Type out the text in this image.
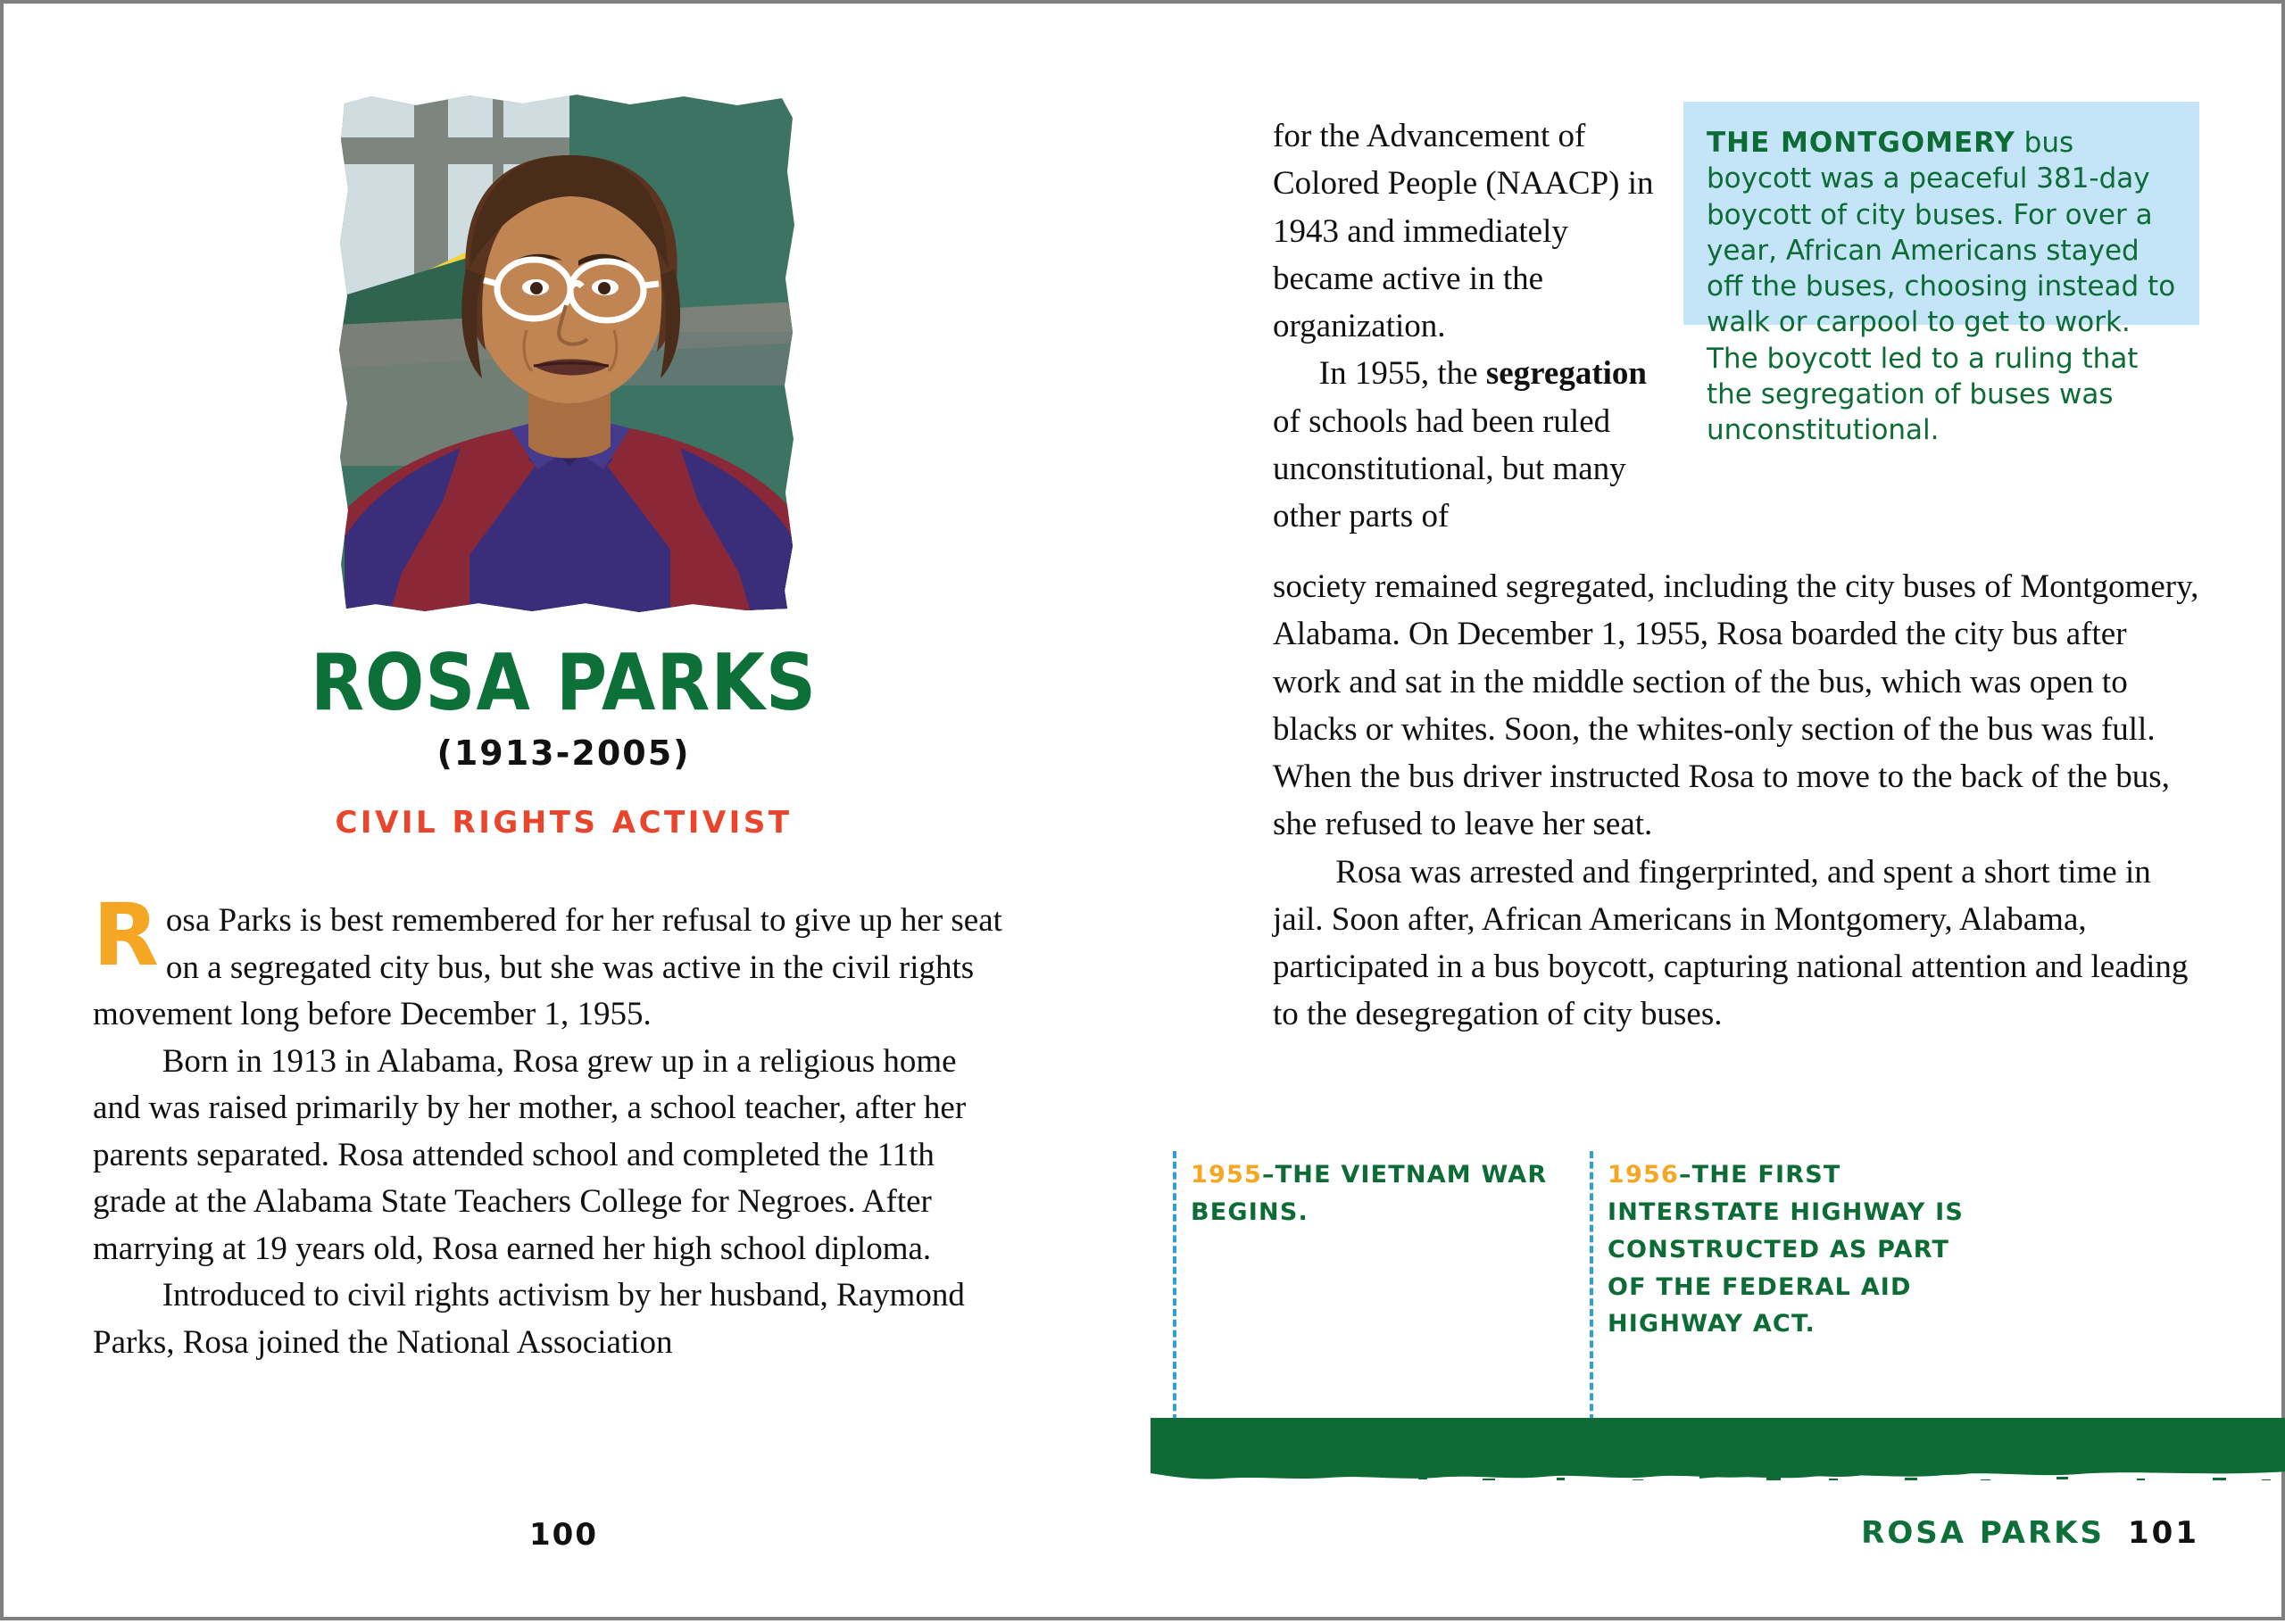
ROSA PARKS
(1913-2005)
CIVIL RIGHTS ACTIVIST

Rosa Parks is best remembered for her refusal to give up her seat on a segregated city bus, but she was active in the civil rights movement long before December 1, 1955.

Born in 1913 in Alabama, Rosa grew up in a religious home and was raised primarily by her mother, a school teacher, after her parents separated. Rosa attended school and completed the 11th grade at the Alabama State Teachers College for Negroes. After marrying at 19 years old, Rosa earned her high school diploma.

Introduced to civil rights activism by her husband, Raymond Parks, Rosa joined the National Association

100

for the Advancement of Colored People (NAACP) in 1943 and immediately became active in the organization.

In 1955, the segregation of schools had been ruled unconstitutional, but many other parts of

THE MONTGOMERY bus boycott was a peaceful 381-day boycott of city buses. For over a year, African Americans stayed off the buses, choosing instead to walk or carpool to get to work. The boycott led to a ruling that the segregation of buses was unconstitutional.

society remained segregated, including the city buses of Montgomery, Alabama. On December 1, 1955, Rosa boarded the city bus after work and sat in the middle section of the bus, which was open to blacks or whites. Soon, the whites-only section of the bus was full. When the bus driver instructed Rosa to move to the back of the bus, she refused to leave her seat.

Rosa was arrested and fingerprinted, and spent a short time in jail. Soon after, African Americans in Montgomery, Alabama, participated in a bus boycott, capturing national attention and leading to the desegregation of city buses.

1955–THE VIETNAM WAR BEGINS.
1956–THE FIRST INTERSTATE HIGHWAY IS CONSTRUCTED AS PART OF THE FEDERAL AID HIGHWAY ACT.
ROSA PARKS 101
